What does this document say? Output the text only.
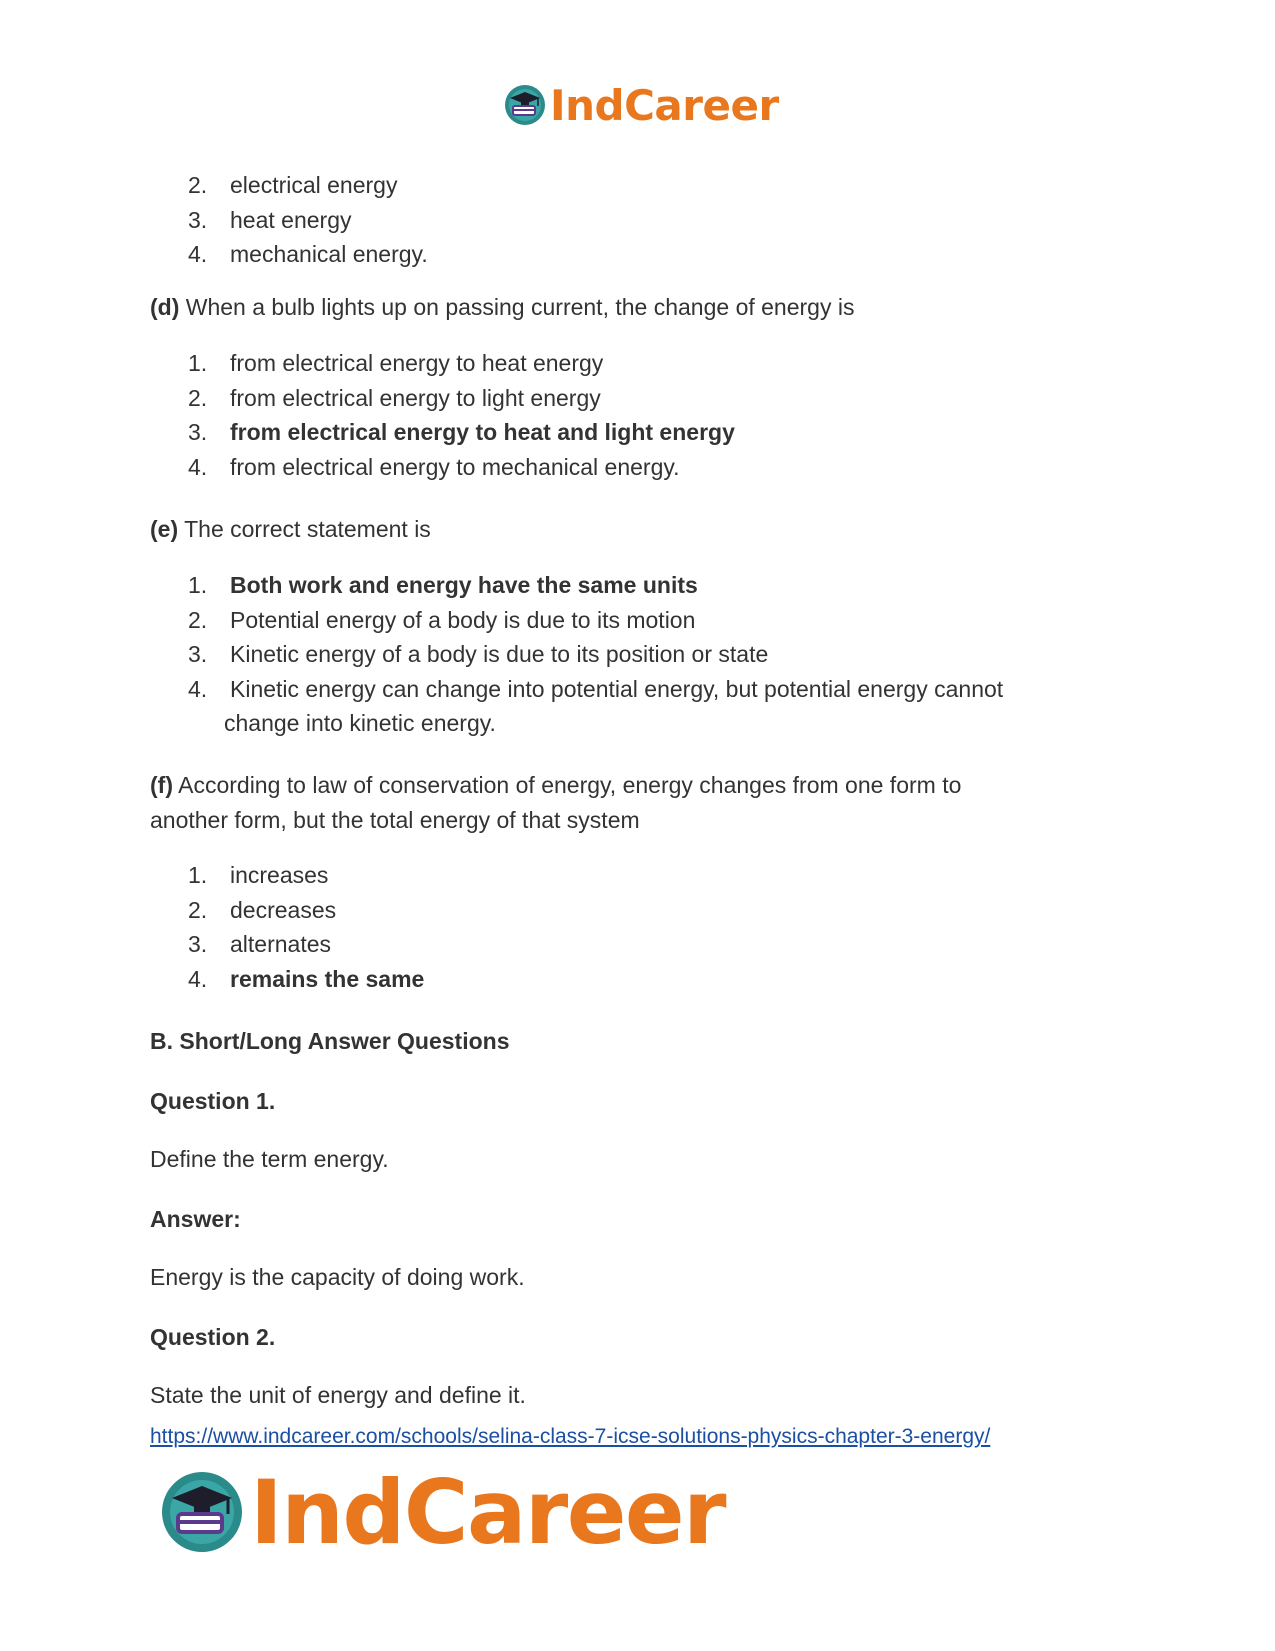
IndCareer
2. electrical energy
3. heat energy
4. mechanical energy.
(d) When a bulb lights up on passing current, the change of energy is
1. from electrical energy to heat energy
2. from electrical energy to light energy
3. from electrical energy to heat and light energy
4. from electrical energy to mechanical energy.
(e) The correct statement is
1. Both work and energy have the same units
2. Potential energy of a body is due to its motion
3. Kinetic energy of a body is due to its position or state
4. Kinetic energy can change into potential energy, but potential energy cannot
change into kinetic energy.
(f) According to law of conservation of energy, energy changes from one form to
another form, but the total energy of that system
1. increases
2. decreases
3. alternates
4. remains the same
B. Short/Long Answer Questions
Question 1.
Define the term energy.
Answer:
Energy is the capacity of doing work.
Question 2.
State the unit of energy and define it.
https://www.indcareer.com/schools/selina-class-7-icse-solutions-physics-chapter-3-energy/
IndCareer
